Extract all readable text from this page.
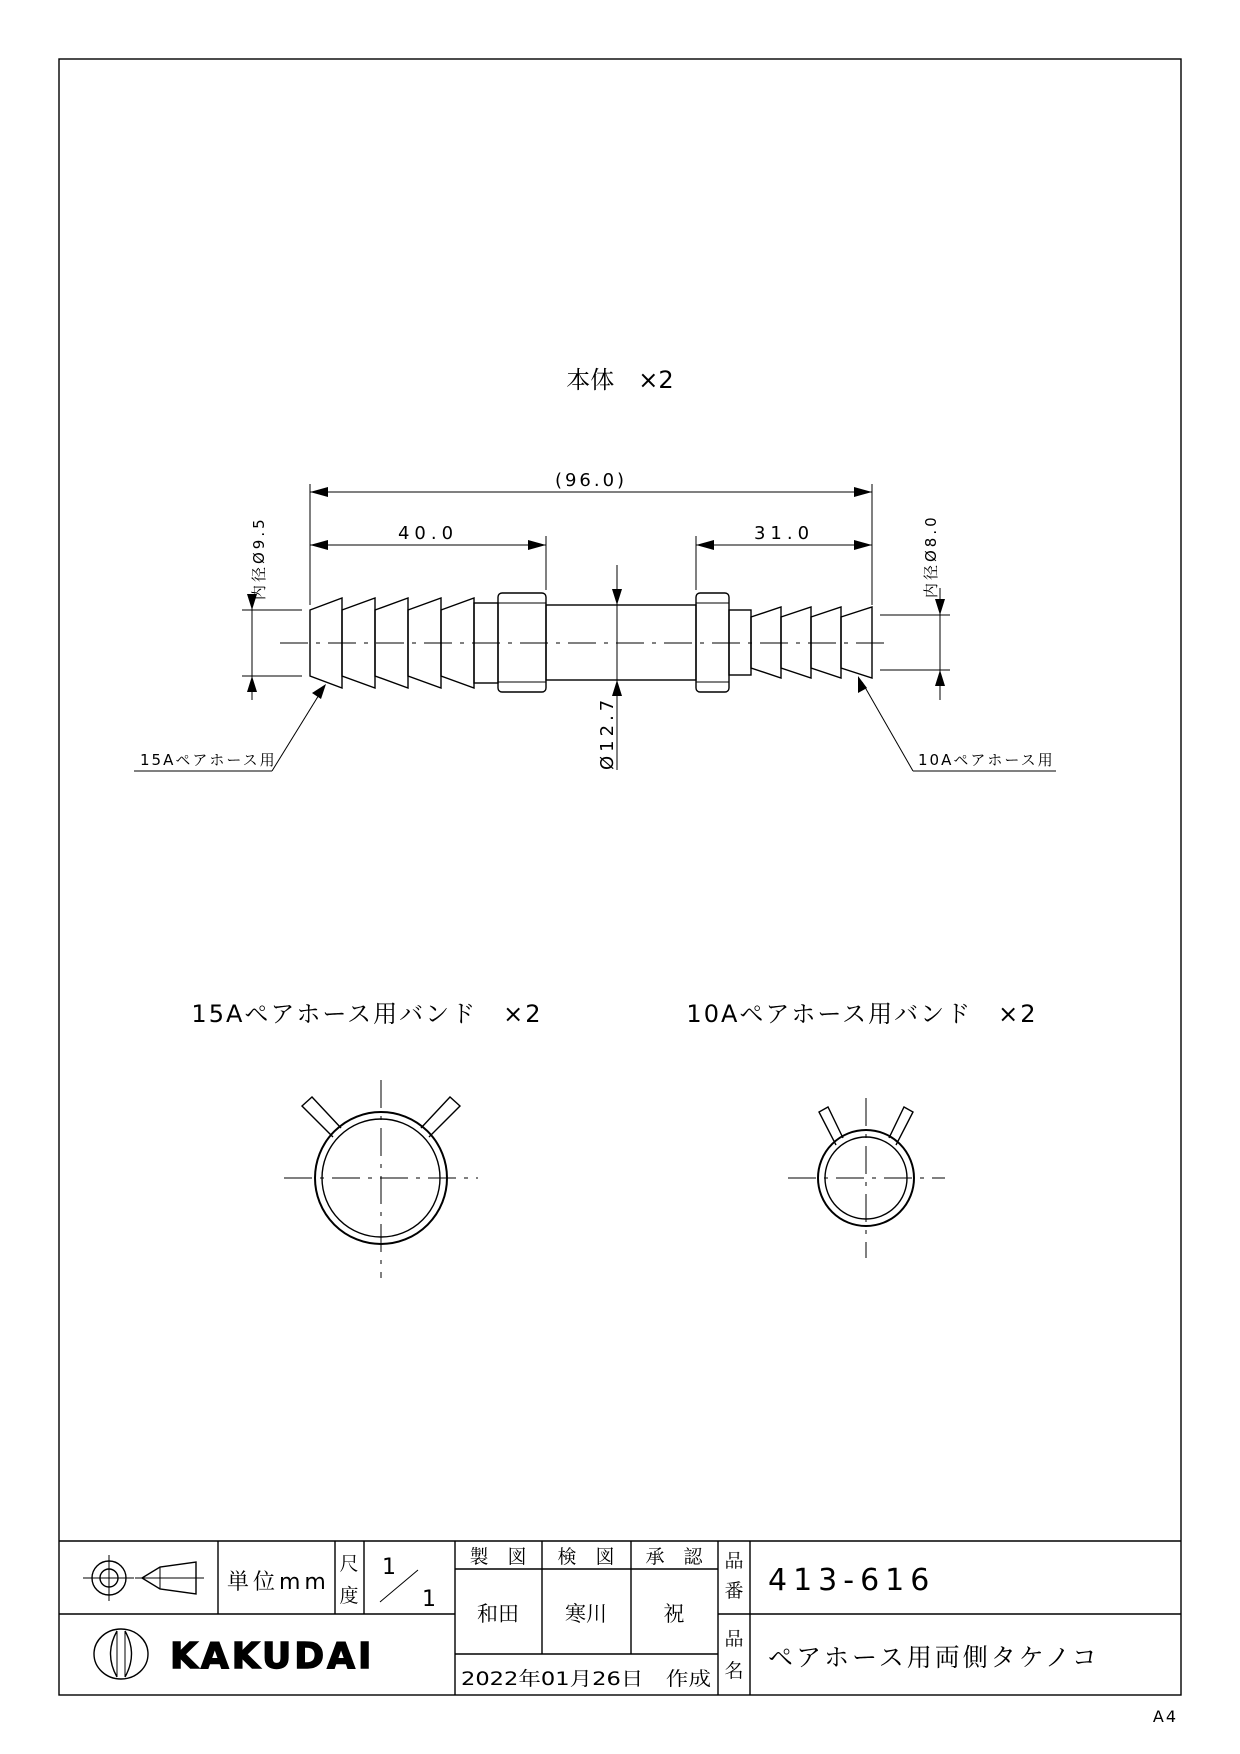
本体　×2
(96.0)
40.0	31.0
内径Ø9.5	内径Ø8.0
Ø12.7
15Aペアホース用	10Aペアホース用
15Aペアホース用バンド　×2	10Aペアホース用バンド　×2
単位mm
尺
度
1
1
製　図 検　図 承　認
和田 寒川	祝
2022年01月26日　作成
品
番
品
名
413-616
ペアホース用両側タケノコ
KAKUDAI
A4
